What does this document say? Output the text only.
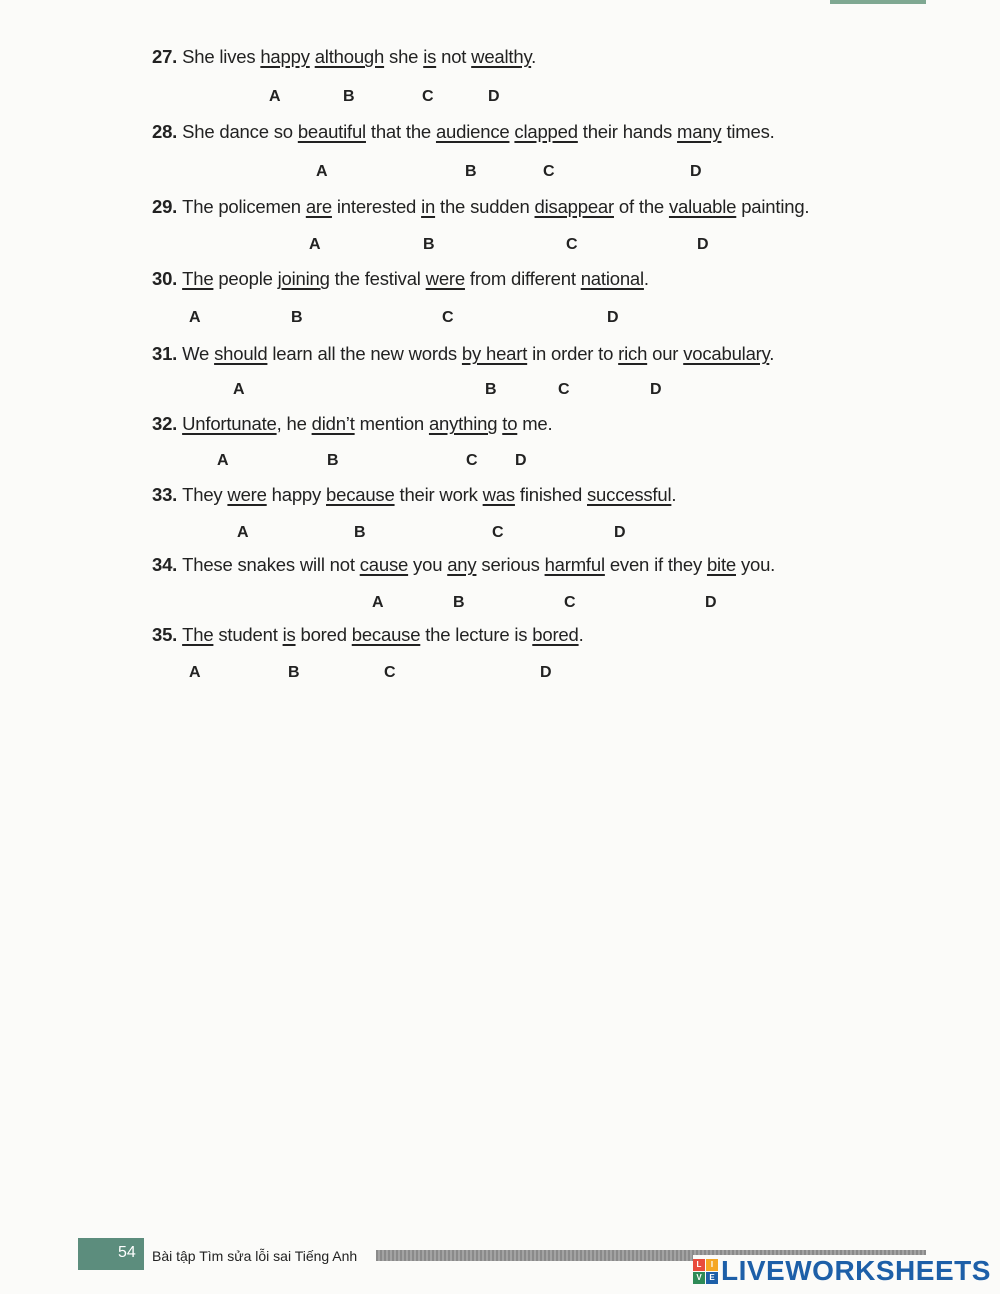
27. She lives happy although she is not wealthy.
A	B	C	D
28. She dance so beautiful that the audience clapped their hands many times.
A	B	C	D
29. The policemen are interested in the sudden disappear of the valuable painting.
A	B	C	D
30. The people joining the festival were from different national.
A	B	C	D
31. We should learn all the new words by heart in order to rich our vocabulary.
A	B	C	D
32. Unfortunate, he didn’t mention anything to me.
A	B	C D
33. They were happy because their work was finished successful.
A	B	C	D
34. These snakes will not cause you any serious harmful even if they bite you.
A	B	C	D
35. The student is bored because the lecture is bored.
A	B	C	D
54 Bài tập Tìm sửa lỗi sai Tiếng Anh
L	I
V E LIVEWORKSHEETS
